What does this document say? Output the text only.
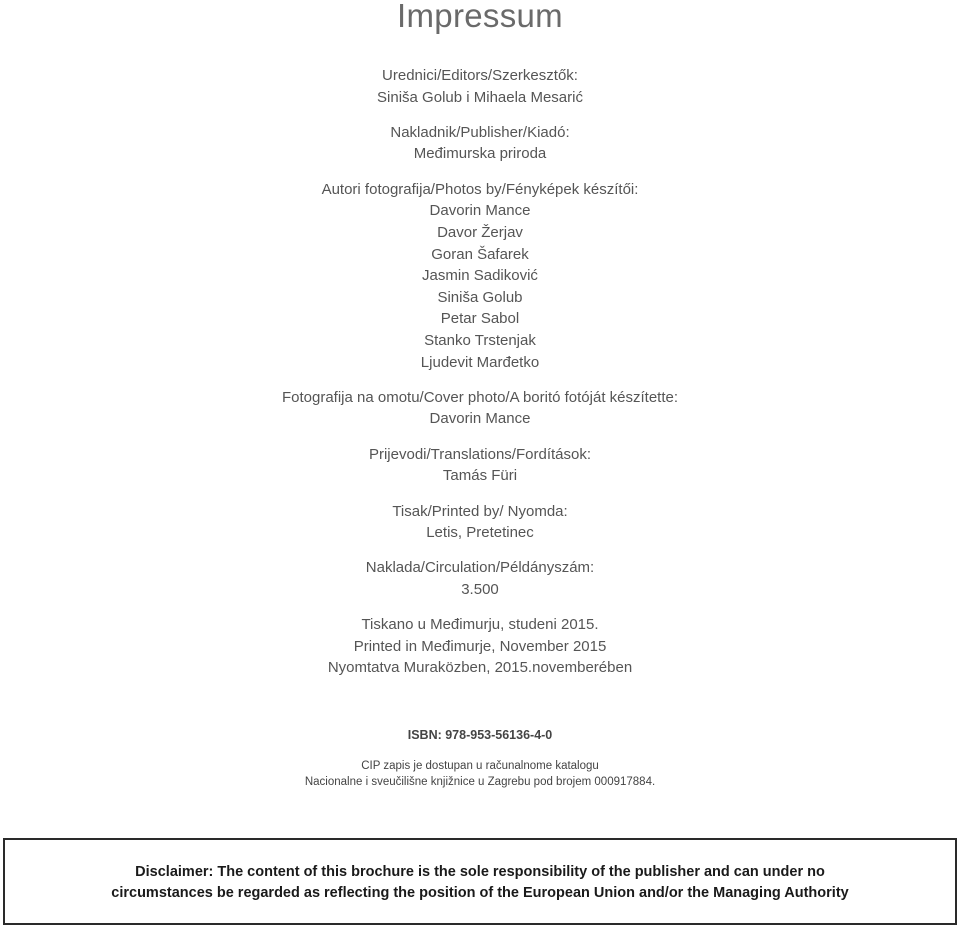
Impressum
Urednici/Editors/Szerkesztők:
Siniša Golub i Mihaela Mesarić
Nakladnik/Publisher/Kiadó:
Međimurska priroda
Autori fotografija/Photos by/Fényképek készítői:
Davorin Mance
Davor Žerjav
Goran Šafarek
Jasmin Sadiković
Siniša Golub
Petar Sabol
Stanko Trstenjak
Ljudevit Marđetko
Fotografija na omotu/Cover photo/A boritó fotóját készítette:
Davorin Mance
Prijevodi/Translations/Fordítások:
Tamás Füri
Tisak/Printed by/ Nyomda:
Letis, Pretetinec
Naklada/Circulation/Példányszám:
3.500
Tiskano u Međimurju, studeni 2015.
Printed in Međimurje, November 2015
Nyomtatva Muraközben, 2015.novemberében
ISBN: 978-953-56136-4-0
CIP zapis je dostupan u računalnome katalogu
Nacionalne i sveučilišne knjižnice u Zagrebu pod brojem 000917884.
Disclaimer: The content of this brochure is the sole responsibility of the publisher and can under no
circumstances be regarded as reflecting the position of the European Union and/or the Managing Authority
